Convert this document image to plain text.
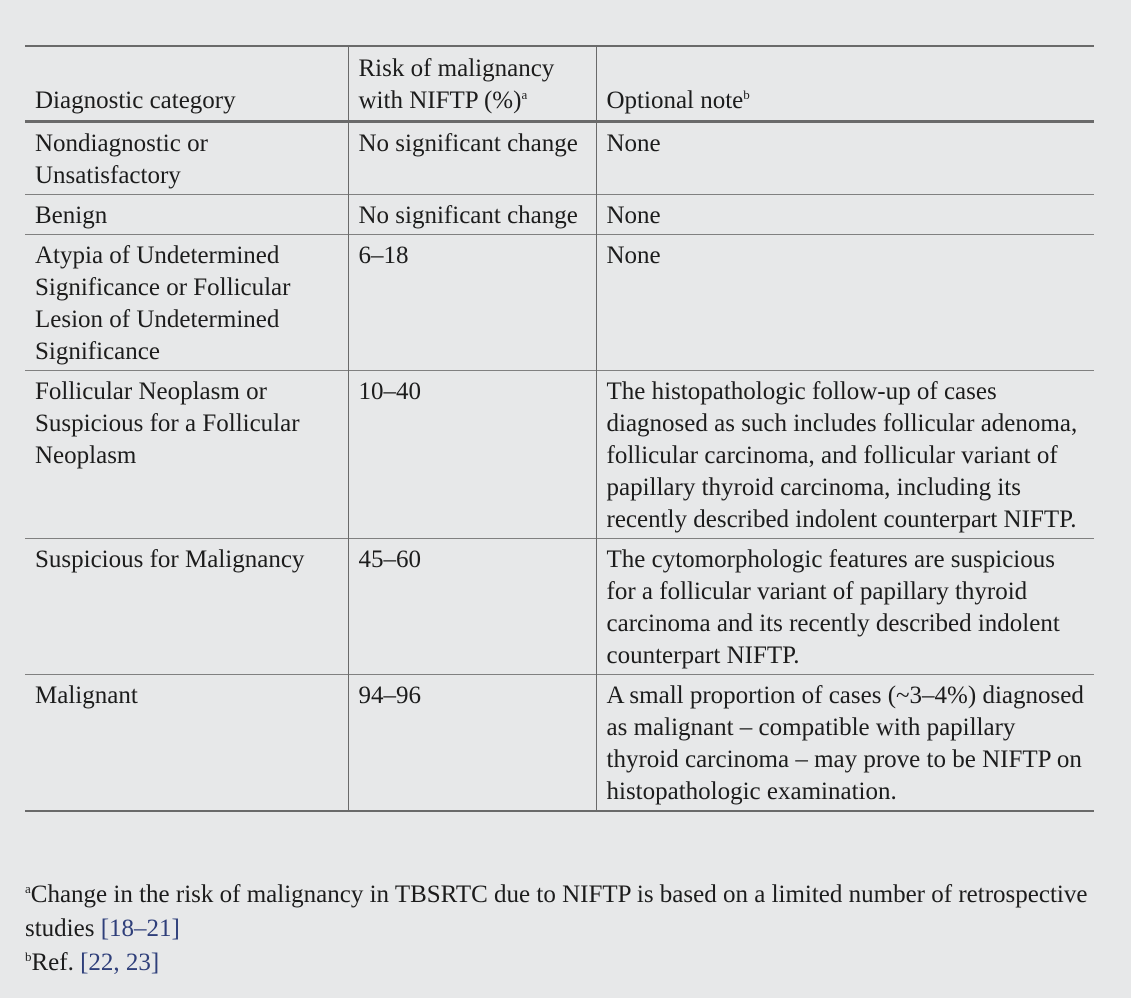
Diagnostic category	Risk of malignancy with NIFTP (%)$^a$	Optional note$^b$
Nondiagnostic or Unsatisfactory	No significant change	None
Benign	No significant change	None
Atypia of Undetermined Significance or Follicular Lesion of Undetermined Significance	6–18	None
Follicular Neoplasm or Suspicious for a Follicular Neoplasm	10–40	The histopathologic follow-up of cases diagnosed as such includes follicular adenoma, follicular carcinoma, and follicular variant of papillary thyroid carcinoma, including its recently described indolent counterpart NIFTP.
Suspicious for Malignancy	45–60	The cytomorphologic features are suspicious for a follicular variant of papillary thyroid carcinoma and its recently described indolent counterpart NIFTP.
Malignant	94–96	A small proportion of cases (~3–4%) diagnosed as malignant – compatible with papillary thyroid carcinoma – may prove to be NIFTP on histopathologic examination.

$^a$Change in the risk of malignancy in TBSRTC due to NIFTP is based on a limited number of retrospective studies [18–21]

$^b$Ref. [22, 23]
